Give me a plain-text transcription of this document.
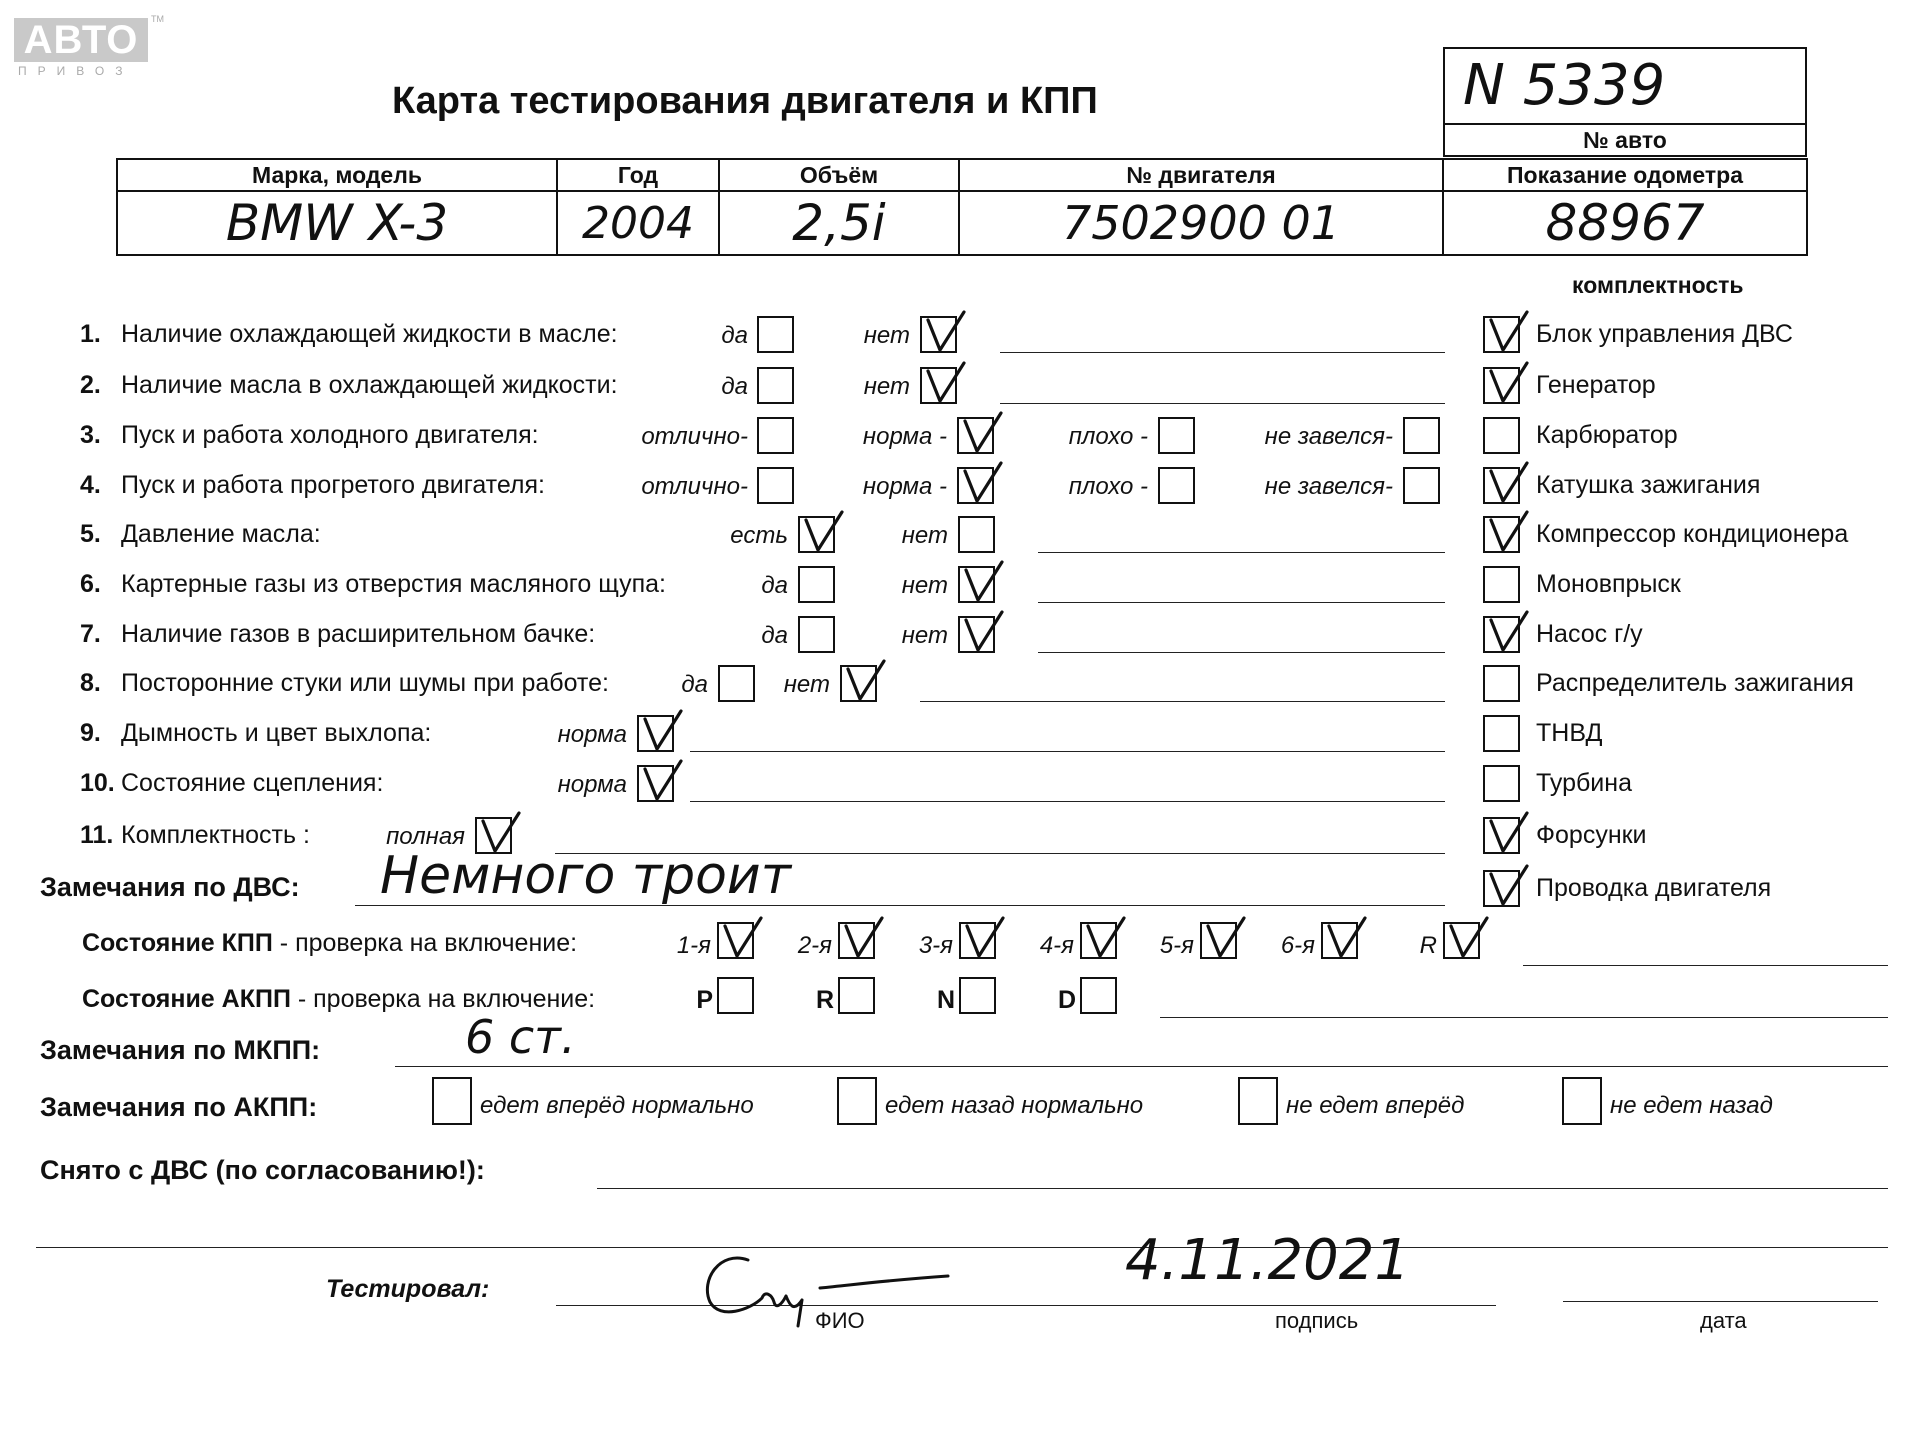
АВТО	TM
ПРИВОЗ
Карта тестирования двигателя и КПП	N 5339
№ авто
Марка, модель	Год	Объём	№ двигателя	Показание одометра
BMW X-3	2004	2,5i	7502900 01	88967
комплектность
1. Наличие охлаждающей жидкости в масле:	да	нет
2. Наличие масла в охлаждающей жидкости:	да	нет
3. Пуск и работа холодного двигателя:	отлично-	норма -	плохо -	не завелся-
4. Пуск и работа прогретого двигателя:	отлично-	норма -	плохо -	не завелся-
5. Давление масла:	есть	нет
6. Картерные газы из отверстия масляного щупа:	да	нет
7. Наличие газов в расширительном бачке:	да	нет
8. Посторонние стуки или шумы при работе:	да	нет
9. Дымность и цвет выхлопа:	норма
10. Состояние сцепления:	норма
11. Комплектность :	полная
Блок управления ДВС
Генератор
Карбюратор
Катушка зажигания
Компрессор кондиционера
Моновпрыск
Насос г/у
Распределитель зажигания
ТНВД
Турбина
Форсунки
Проводка двигателя
Замечания по ДВС: Немного троит
Состояние КПП - проверка на включение:	1-я	2-я	3-я	4-я	5-я	6-я	R
Состояние АКПП - проверка на включение:	P	R	N	D
Замечания по МКПП:	6 ст.
Замечания по АКПП:	едет вперёд нормально	едет назад нормально	не едет вперёд	не едет назад
Снято с ДВС (по согласованию!):
Тестировал:	4.11.2021
ФИО	подпись	дата
